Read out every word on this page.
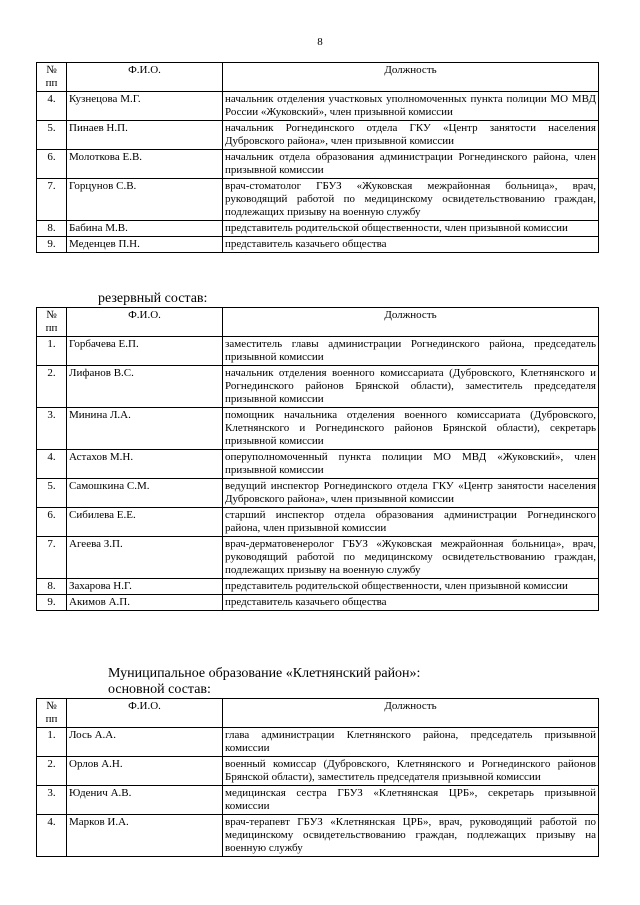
8
№ пп	Ф.И.О.	Должность
4.	Кузнецова М.Г.	начальник отделения участковых уполномоченных пункта полиции МО МВД России «Жуковский», член призывной комиссии
5.	Пинаев Н.П.	начальник Рогнединского отдела ГКУ «Центр занятости населения Дубровского района», член призывной комиссии
6.	Молоткова Е.В.	начальник отдела образования администрации Рогнединского района, член призывной комиссии
7.	Горцунов С.В.	врач-стоматолог ГБУЗ «Жуковская межрайонная больница», врач, руководящий работой по медицинскому освидетельствованию граждан, подлежащих призыву на военную службу
8.	Бабина М.В.	представитель родительской общественности, член призывной комиссии
9.	Меденцев П.Н.	представитель казачьего общества
резервный состав:
№ пп	Ф.И.О.	Должность
1.	Горбачева Е.П.	заместитель главы администрации Рогнединского района, председатель призывной комиссии
2.	Лифанов В.С.	начальник отделения военного комиссариата (Дубровского, Клетнянского и Рогнединского районов Брянской области), заместитель председателя призывной комиссии
3.	Минина Л.А.	помощник начальника отделения военного комиссариата (Дубровского, Клетнянского и Рогнединского районов Брянской области), секретарь призывной комиссии
4.	Астахов М.Н.	оперуполномоченный пункта полиции МО МВД «Жуковский», член призывной комиссии
5.	Самошкина С.М.	ведущий инспектор Рогнединского отдела ГКУ «Центр занятости населения Дубровского района», член призывной комиссии
6.	Сибилева Е.Е.	старший инспектор отдела образования администрации Рогнединского района, член призывной комиссии
7.	Агеева З.П.	врач-дерматовенеролог ГБУЗ «Жуковская межрайонная больница», врач, руководящий работой по медицинскому освидетельствованию граждан, подлежащих призыву на военную службу
8.	Захарова Н.Г.	представитель родительской общественности, член призывной комиссии
9.	Акимов А.П.	представитель казачьего общества
Муниципальное образование «Клетнянский район»:
основной состав:
№ пп	Ф.И.О.	Должность
1.	Лось А.А.	глава администрации Клетнянского района, председатель призывной комиссии
2.	Орлов А.Н.	военный комиссар (Дубровского, Клетнянского и Рогнединского районов Брянской области), заместитель председателя призывной комиссии
3.	Юденич А.В.	медицинская сестра ГБУЗ «Клетнянская ЦРБ», секретарь призывной комиссии
4.	Марков И.А.	врач-терапевт ГБУЗ «Клетнянская ЦРБ», врач, руководящий работой по медицинскому освидетельствованию граждан, подлежащих призыву на военную службу
